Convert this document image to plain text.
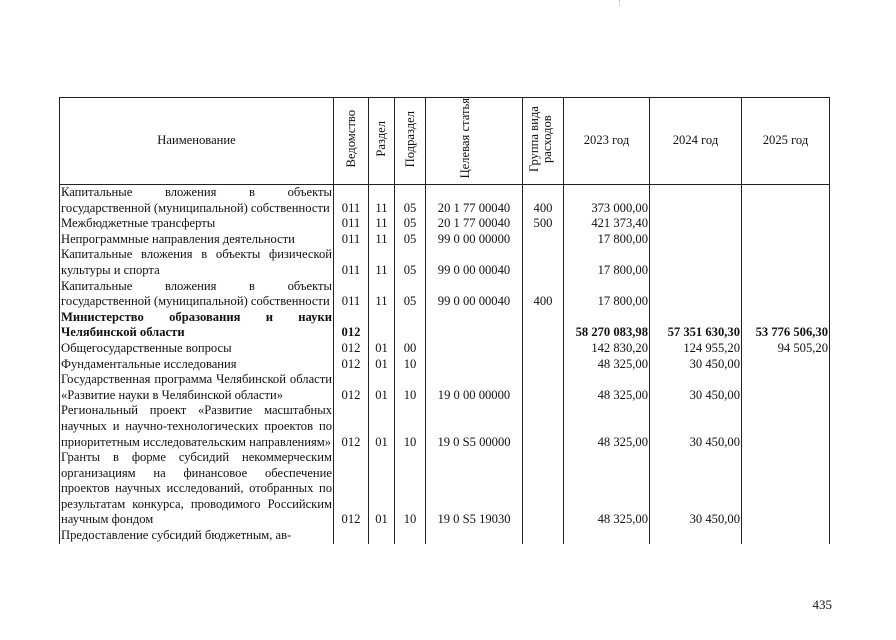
Наименование	Ведомство	Раздел	Подраздел	Целевая статья	Группа вида расходов	2023 год	2024 год	2025 год
Капитальные вложения в объекты государственной (муниципальной) собственности	011	11	05	20 1 77 00040	400	373 000,00		
Межбюджетные трансферты	011	11	05	20 1 77 00040	500	421 373,40		
Непрограммные направления деятельности	011	11	05	99 0 00 00000		17 800,00		
Капитальные вложения в объекты физической культуры и спорта	011	11	05	99 0 00 00040		17 800,00		
Капитальные вложения в объекты государственной (муниципальной) собственности	011	11	05	99 0 00 00040	400	17 800,00		
Министерство образования и науки Челябинской области	012					58 270 083,98	57 351 630,30	53 776 506,30
Общегосударственные вопросы	012	01	00			142 830,20	124 955,20	94 505,20
Фундаментальные исследования	012	01	10			48 325,00	30 450,00	
Государственная программа Челябинской области «Развитие науки в Челябинской области»	012	01	10	19 0 00 00000		48 325,00	30 450,00	
Региональный проект «Развитие масштабных научных и научно-технологических проектов по приоритетным исследовательским направлениям»	012	01	10	19 0 S5 00000		48 325,00	30 450,00	
Гранты в форме субсидий некоммерческим организациям на финансовое обеспечение проектов научных исследований, отобранных по результатам конкурса, проводимого Российским научным фондом	012	01	10	19 0 S5 19030		48 325,00	30 450,00	
Предоставление субсидий бюджетным, ав-								
435
